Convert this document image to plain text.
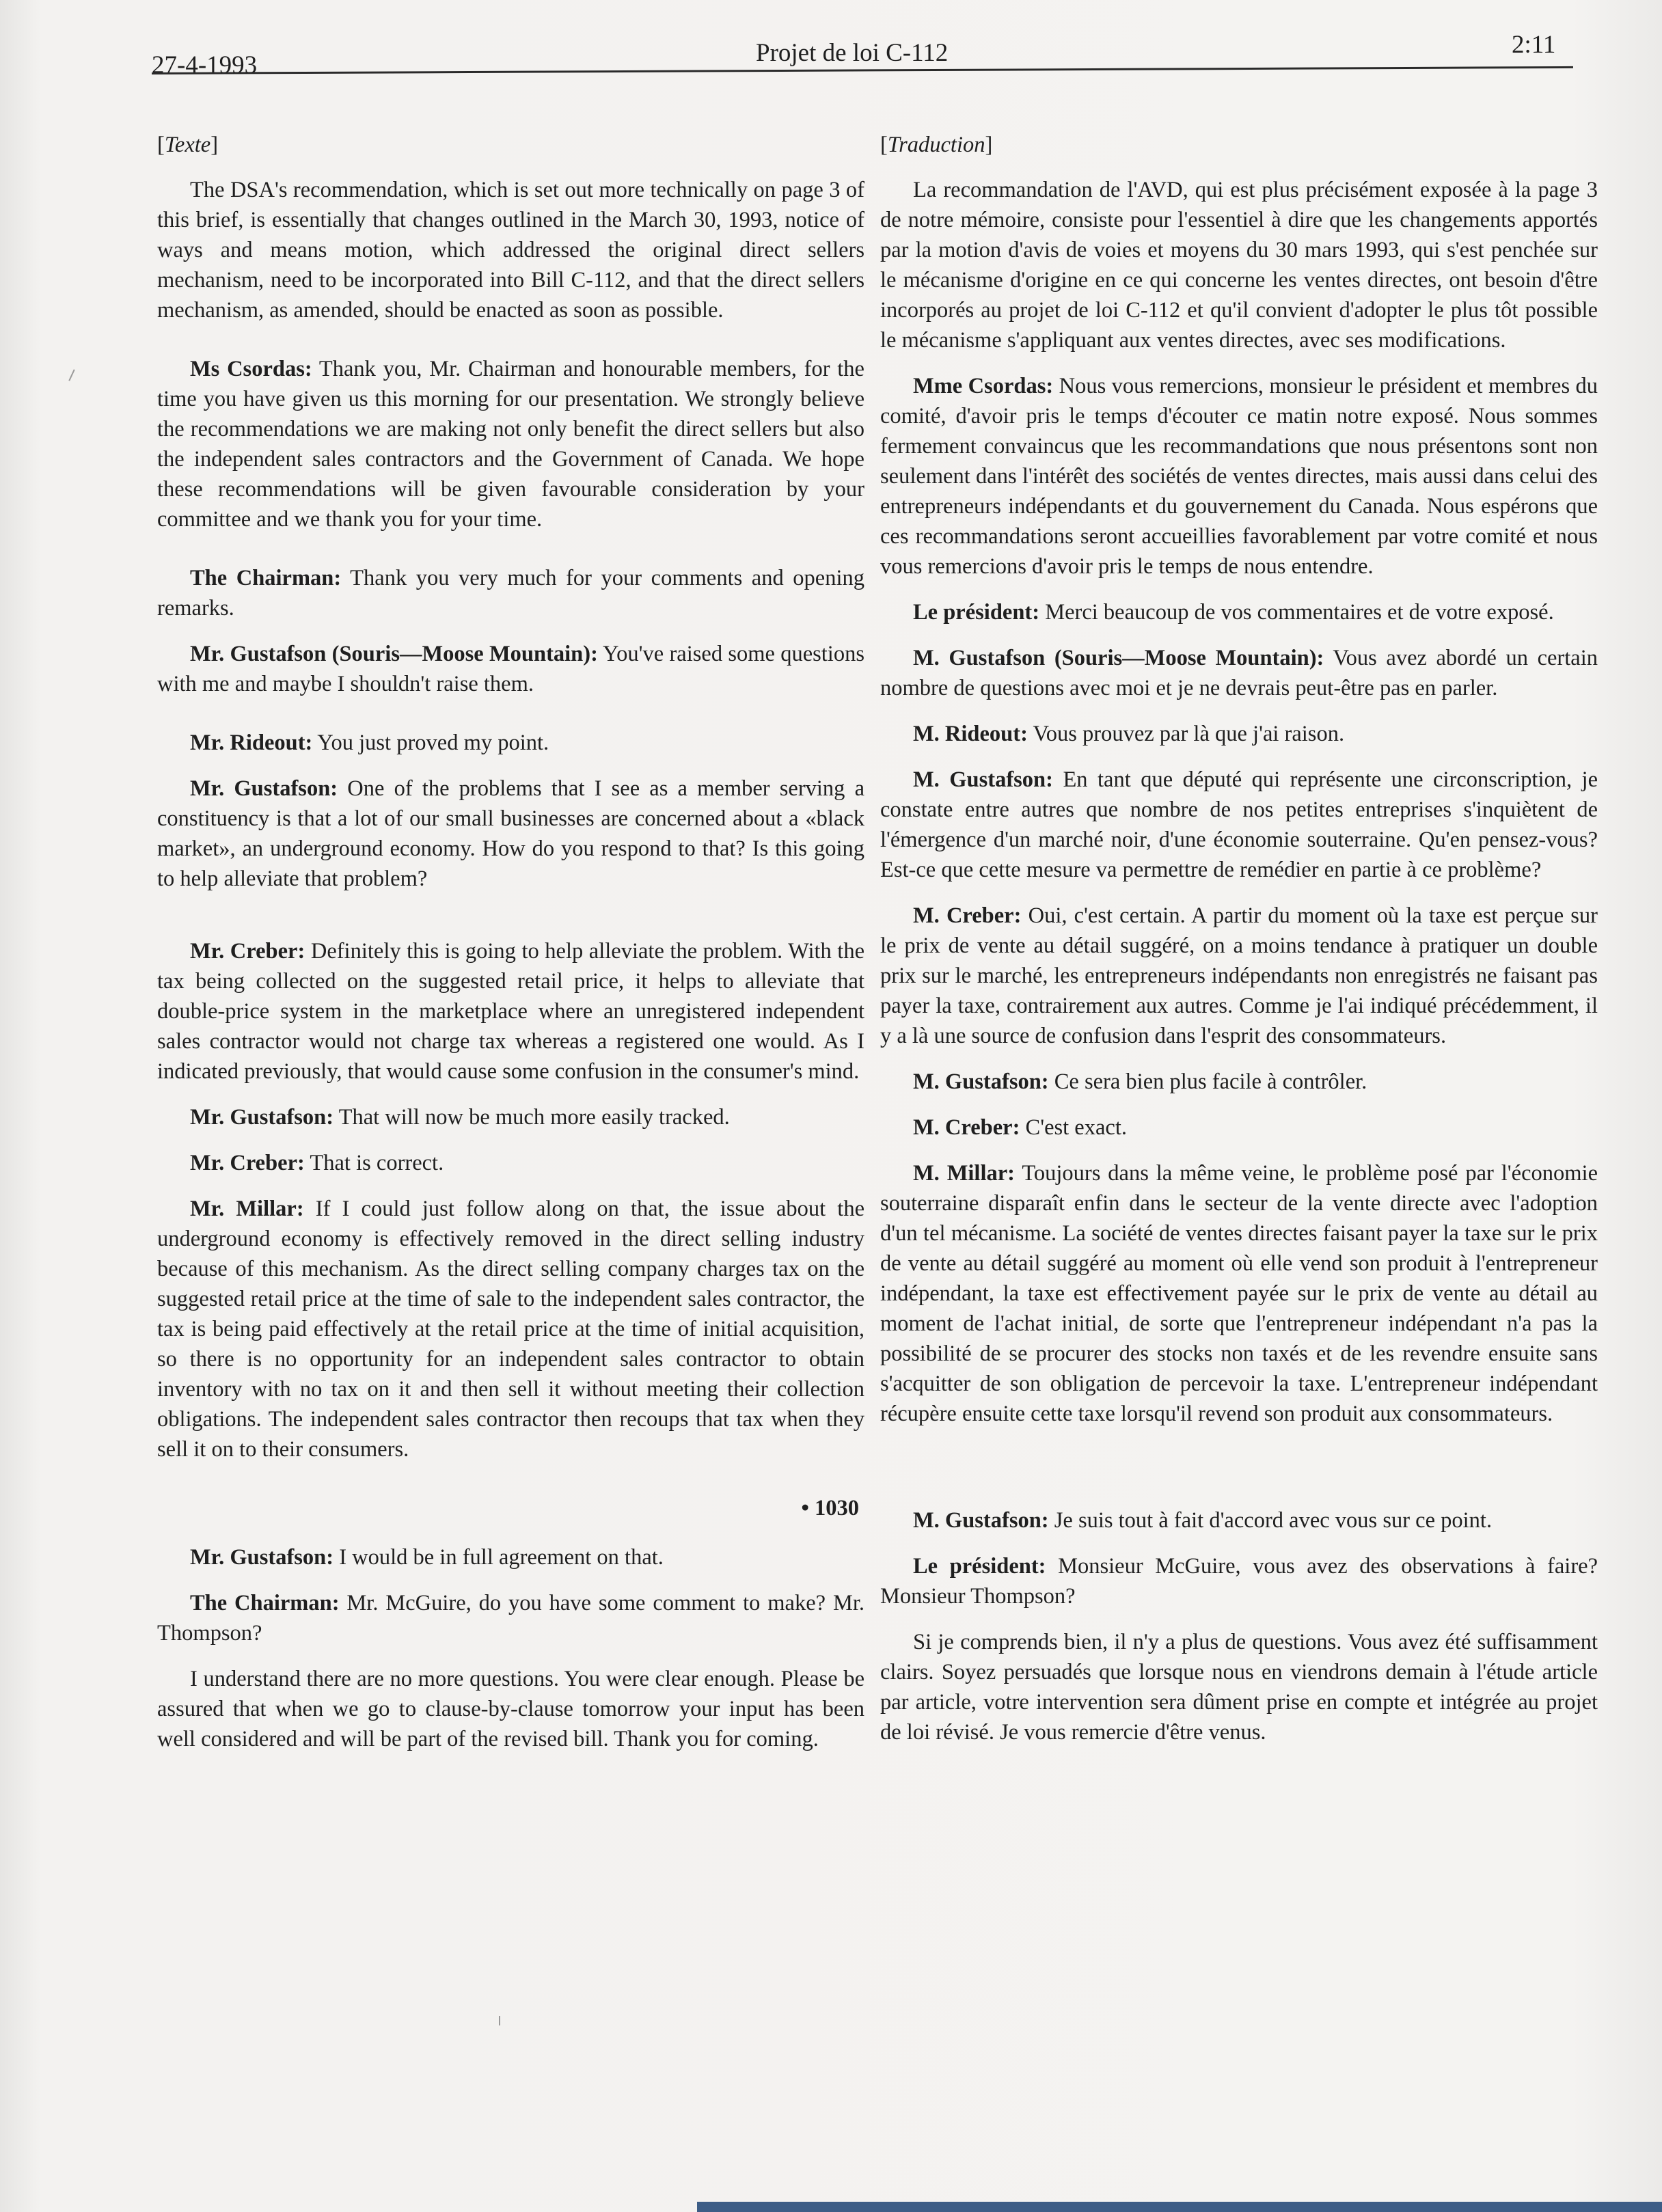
27-4-1993	Projet de loi C-112	2:11

[Texte]

The DSA's recommendation, which is set out more technically on page 3 of this brief, is essentially that changes outlined in the March 30, 1993, notice of ways and means motion, which addressed the original direct sellers mechanism, need to be incorporated into Bill C-112, and that the direct sellers mechanism, as amended, should be enacted as soon as possible.

Ms Csordas: Thank you, Mr. Chairman and honourable members, for the time you have given us this morning for our presentation. We strongly believe the recommendations we are making not only benefit the direct sellers but also the independent sales contractors and the Government of Canada. We hope these recommendations will be given favourable consideration by your committee and we thank you for your time.

The Chairman: Thank you very much for your comments and opening remarks.

Mr. Gustafson (Souris—Moose Mountain): You've raised some questions with me and maybe I shouldn't raise them.

Mr. Rideout: You just proved my point.

Mr. Gustafson: One of the problems that I see as a member serving a constituency is that a lot of our small businesses are concerned about a «black market», an underground economy. How do you respond to that? Is this going to help alleviate that problem?

Mr. Creber: Definitely this is going to help alleviate the problem. With the tax being collected on the suggested retail price, it helps to alleviate that double-price system in the marketplace where an unregistered independent sales contractor would not charge tax whereas a registered one would. As I indicated previously, that would cause some confusion in the consumer's mind.

Mr. Gustafson: That will now be much more easily tracked.

Mr. Creber: That is correct.

Mr. Millar: If I could just follow along on that, the issue about the underground economy is effectively removed in the direct selling industry because of this mechanism. As the direct selling company charges tax on the suggested retail price at the time of sale to the independent sales contractor, the tax is being paid effectively at the retail price at the time of initial acquisition, so there is no opportunity for an independent sales contractor to obtain inventory with no tax on it and then sell it without meeting their collection obligations. The independent sales contractor then recoups that tax when they sell it on to their consumers.

• 1030

Mr. Gustafson: I would be in full agreement on that.

The Chairman: Mr. McGuire, do you have some comment to make? Mr. Thompson?

I understand there are no more questions. You were clear enough. Please be assured that when we go to clause-by-clause tomorrow your input has been well considered and will be part of the revised bill. Thank you for coming.

[Traduction]

La recommandation de l'AVD, qui est plus précisément exposée à la page 3 de notre mémoire, consiste pour l'essentiel à dire que les changements apportés par la motion d'avis de voies et moyens du 30 mars 1993, qui s'est penchée sur le mécanisme d'origine en ce qui concerne les ventes directes, ont besoin d'être incorporés au projet de loi C-112 et qu'il convient d'adopter le plus tôt possible le mécanisme s'appliquant aux ventes directes, avec ses modifications.

Mme Csordas: Nous vous remercions, monsieur le président et membres du comité, d'avoir pris le temps d'écouter ce matin notre exposé. Nous sommes fermement convaincus que les recommandations que nous présentons sont non seulement dans l'intérêt des sociétés de ventes directes, mais aussi dans celui des entrepreneurs indépendants et du gouvernement du Canada. Nous espérons que ces recommandations seront accueillies favorablement par votre comité et nous vous remercions d'avoir pris le temps de nous entendre.

Le président: Merci beaucoup de vos commentaires et de votre exposé.

M. Gustafson (Souris—Moose Mountain): Vous avez abordé un certain nombre de questions avec moi et je ne devrais peut-être pas en parler.

M. Rideout: Vous prouvez par là que j'ai raison.

M. Gustafson: En tant que député qui représente une circonscription, je constate entre autres que nombre de nos petites entreprises s'inquiètent de l'émergence d'un marché noir, d'une économie souterraine. Qu'en pensez-vous? Est-ce que cette mesure va permettre de remédier en partie à ce problème?

M. Creber: Oui, c'est certain. A partir du moment où la taxe est perçue sur le prix de vente au détail suggéré, on a moins tendance à pratiquer un double prix sur le marché, les entrepreneurs indépendants non enregistrés ne faisant pas payer la taxe, contrairement aux autres. Comme je l'ai indiqué précédemment, il y a là une source de confusion dans l'esprit des consommateurs.

M. Gustafson: Ce sera bien plus facile à contrôler.

M. Creber: C'est exact.

M. Millar: Toujours dans la même veine, le problème posé par l'économie souterraine disparaît enfin dans le secteur de la vente directe avec l'adoption d'un tel mécanisme. La société de ventes directes faisant payer la taxe sur le prix de vente au détail suggéré au moment où elle vend son produit à l'entrepreneur indépendant, la taxe est effectivement payée sur le prix de vente au détail au moment de l'achat initial, de sorte que l'entrepreneur indépendant n'a pas la possibilité de se procurer des stocks non taxés et de les revendre ensuite sans s'acquitter de son obligation de percevoir la taxe. L'entrepreneur indépendant récupère ensuite cette taxe lorsqu'il revend son produit aux consommateurs.

M. Gustafson: Je suis tout à fait d'accord avec vous sur ce point.

Le président: Monsieur McGuire, vous avez des observations à faire? Monsieur Thompson?

Si je comprends bien, il n'y a plus de questions. Vous avez été suffisamment clairs. Soyez persuadés que lorsque nous en viendrons demain à l'étude article par article, votre intervention sera dûment prise en compte et intégrée au projet de loi révisé. Je vous remercie d'être venus.
